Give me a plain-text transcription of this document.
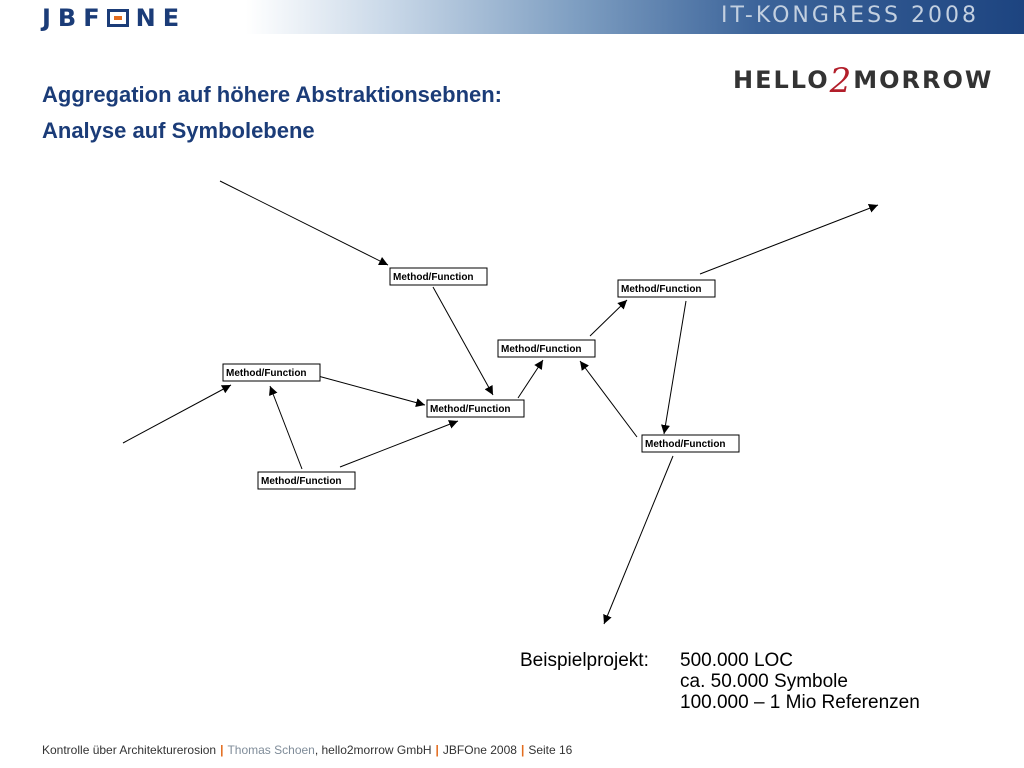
JBF NE	IT-KONGRESS 2008
HELLO2MORROW
Aggregation auf höhere Abstraktionsebnen:
Analyse auf Symbolebene
Method/Function
Method/Function
Method/Function
Method/Function
Method/Function
Method/Function
Method/Function
Beispielprojekt: 500.000 LOC
ca. 50.000 Symbole
100.000 – 1 Mio Referenzen
Kontrolle über Architekturerosion | Thomas Schoen, hello2morrow GmbH | JBFOne 2008 | Seite 16
